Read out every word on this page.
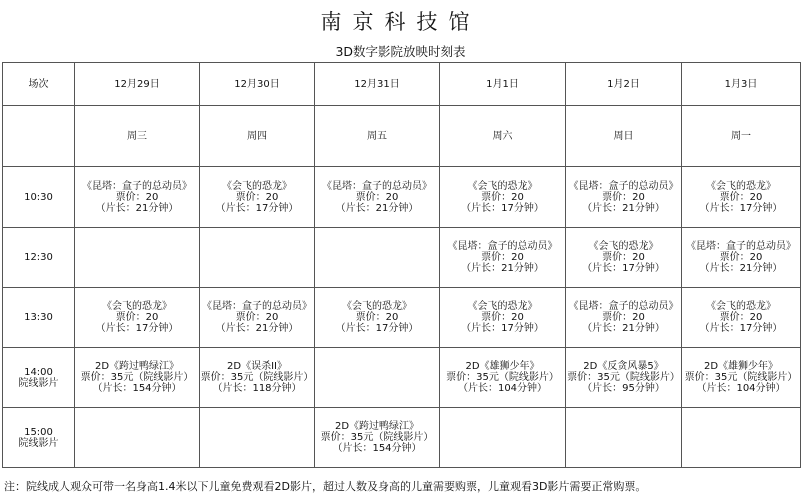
南京科技馆
3D数字影院放映时刻表
场次	12月29日	12月30日	12月31日	1月1日	1月2日	1月3日
	周三	周四	周五	周六	周日	周一
10:30	《昆塔：盒子的总动员》
票价：20
（片长：21分钟）	《会飞的恐龙》
票价：20
（片长：17分钟）	《昆塔：盒子的总动员》
票价：20
（片长：21分钟）	《会飞的恐龙》
票价：20
（片长：17分钟）	《昆塔：盒子的总动员》
票价：20
（片长：21分钟）	《会飞的恐龙》
票价：20
（片长：17分钟）

12:30				《昆塔：盒子的总动员》
票价：20
（片长：21分钟）	《会飞的恐龙》
票价：20
（片长：17分钟）	《昆塔：盒子的总动员》
票价：20
（片长：21分钟）

13:30	《会飞的恐龙》
票价：20
（片长：17分钟）	《昆塔：盒子的总动员》
票价：20
（片长：21分钟）	《会飞的恐龙》
票价：20
（片长：17分钟）	《会飞的恐龙》
票价：20
（片长：17分钟）	《昆塔：盒子的总动员》
票价：20
（片长：21分钟）	《会飞的恐龙》
票价：20
（片长：17分钟）

14:00
院线影片	2D《跨过鸭绿江》
票价：35元（院线影片）
（片长：154分钟）	2D《误杀II》
票价：35元（院线影片）
（片长：118分钟）		2D《雄狮少年》
票价：35元（院线影片）
（片长：104分钟）	2D《反贪风暴5》
票价：35元（院线影片）
（片长：95分钟）	2D《雄狮少年》
票价：35元（院线影片）
（片长：104分钟）

15:00
院线影片			2D《跨过鸭绿江》
票价：35元（院线影片）
（片长：154分钟）			

注：院线成人观众可带一名身高1.4米以下儿童免费观看2D影片，超过人数及身高的儿童需要购票，儿童观看3D影片需要正常购票。
